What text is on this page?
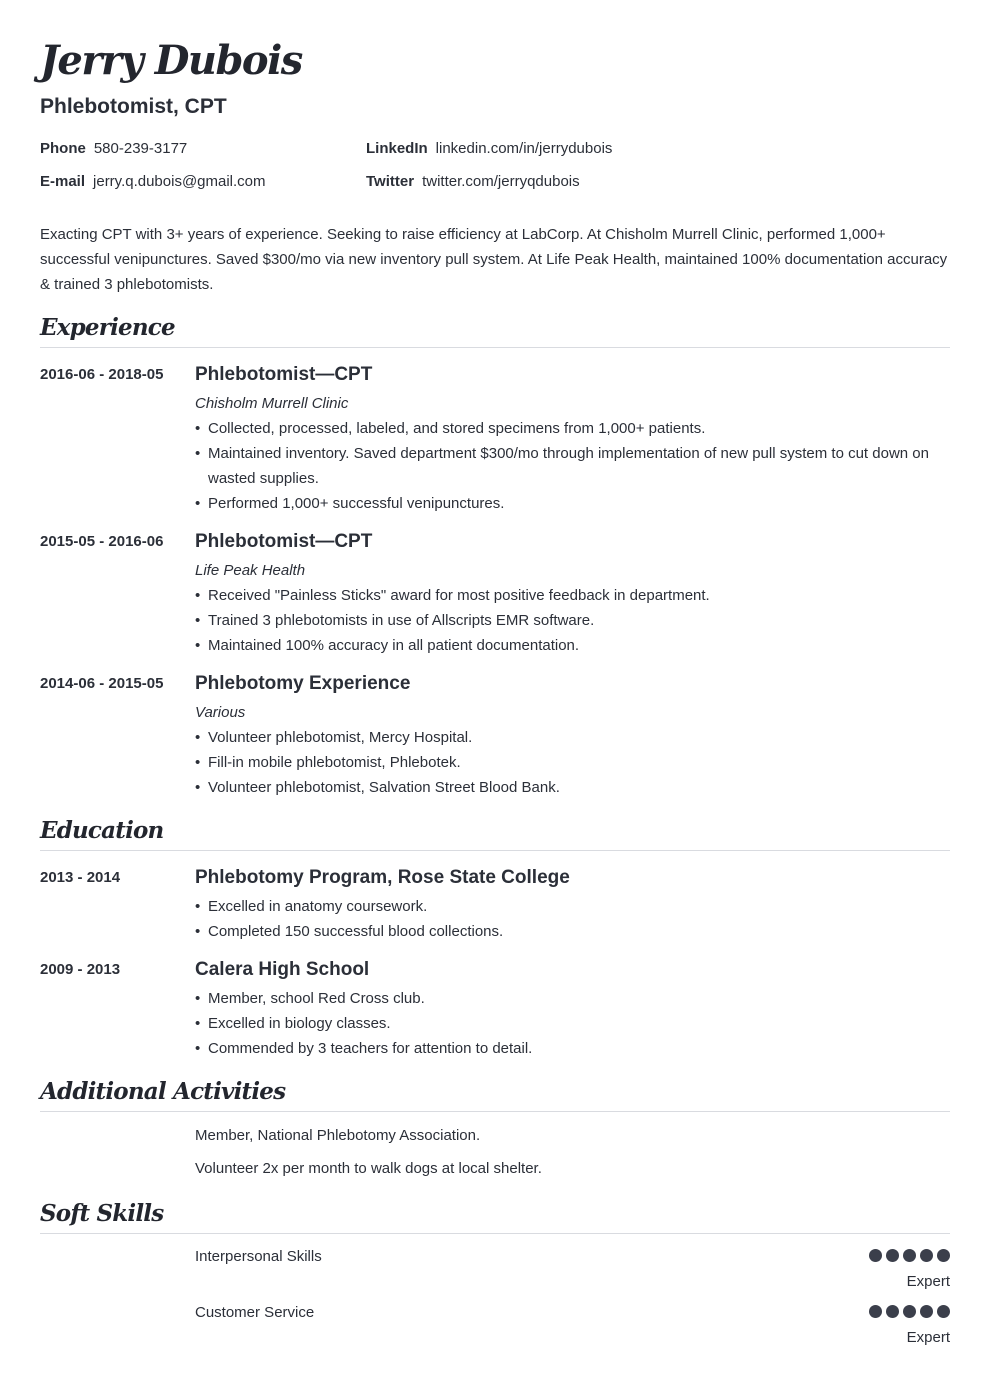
Jerry Dubois
Phlebotomist, CPT
Phone 580-239-3177	LinkedIn linkedin.com/in/jerrydubois
E-mail jerry.q.dubois@gmail.com	Twitter twitter.com/jerryqdubois
Exacting CPT with 3+ years of experience. Seeking to raise efficiency at LabCorp. At Chisholm Murrell Clinic, performed 1,000+ successful venipunctures. Saved $300/mo via new inventory pull system. At Life Peak Health, maintained 100% documentation accuracy & trained 3 phlebotomists.
Experience
2016-06 - 2018-05 Phlebotomist—CPT
Chisholm Murrell Clinic
• Collected, processed, labeled, and stored specimens from 1,000+ patients.
• Maintained inventory. Saved department $300/mo through implementation of new pull system to cut down on wasted supplies.
• Performed 1,000+ successful venipunctures.
2015-05 - 2016-06 Phlebotomist—CPT
Life Peak Health
• Received "Painless Sticks" award for most positive feedback in department.
• Trained 3 phlebotomists in use of Allscripts EMR software.
• Maintained 100% accuracy in all patient documentation.
2014-06 - 2015-05 Phlebotomy Experience
Various
• Volunteer phlebotomist, Mercy Hospital.
• Fill-in mobile phlebotomist, Phlebotek.
• Volunteer phlebotomist, Salvation Street Blood Bank.
Education
2013 - 2014	Phlebotomy Program, Rose State College
• Excelled in anatomy coursework.
• Completed 150 successful blood collections.
2009 - 2013	Calera High School
• Member, school Red Cross club.
• Excelled in biology classes.
• Commended by 3 teachers for attention to detail.
Additional Activities
Member, National Phlebotomy Association.
Volunteer 2x per month to walk dogs at local shelter.
Soft Skills
Interpersonal Skills
Expert
Customer Service
Expert
